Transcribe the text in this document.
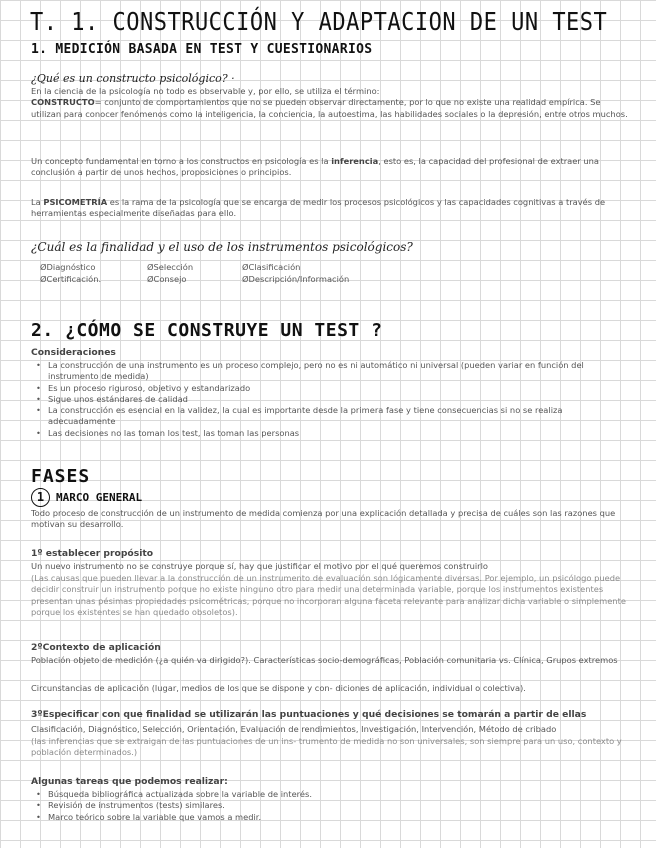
T. 1. CONSTRUCCIÓN Y ADAPTACION DE UN TEST
1. MEDICIÓN BASADA EN TEST Y CUESTIONARIOS
¿Qué es un constructo psicológico? ·
En la ciencia de la psicología no todo es observable y, por ello, se utiliza el término:
CONSTRUCTO= conjunto de comportamientos que no se pueden observar directamente, por lo que no existe una realidad empírica. Se utilizan para conocer fenómenos como la inteligencia, la conciencia, la autoestima, las habilidades sociales o la depresión, entre otros muchos.
Un concepto fundamental en torno a los constructos en psicología es la inferencia, esto es, la capacidad del profesional de extraer una conclusión a partir de unos hechos, proposiciones o principios.
La PSICOMETRÍA es la rama de la psicología que se encarga de medir los procesos psicológicos y las capacidades cognitivas a través de herramientas especialmente diseñadas para ello.
¿Cuál es la finalidad y el uso de los instrumentos psicológicos?
ØDiagnóstico	ØSelección	ØClasificación
ØCertificación.	ØConsejo	ØDescripción/Información
2. ¿CÓMO SE CONSTRUYE UN TEST ?
Consideraciones
• La construcción de una instrumento es un proceso complejo, pero no es ni automático ni universal (pueden variar en función del instrumento de medida)
• Es un proceso riguroso, objetivo y estandarizado
• Sigue unos estándares de calidad
• La construcción es esencial en la validez, la cual es importante desde la primera fase y tiene consecuencias si no se realiza adecuadamente
• Las decisiones no las toman los test, las toman las personas
FASES
1 MARCO GENERAL
Todo proceso de construcción de un instrumento de medida comienza por una explicación detallada y precisa de cuáles son las razones que motivan su desarrollo.
1º establecer propósito
Un nuevo instrumento no se construye porque sí, hay que justificar el motivo por el qué queremos construirlo
(Las causas que pueden llevar a la construcción de un instrumento de evaluación son lógicamente diversas. Por ejemplo, un psicólogo puede decidir construir un instrumento porque no existe ninguno otro para medir una determinada variable, porque los instrumentos existentes presentan unas pésimas propiedades psicométricas, porque no incorporan alguna faceta relevante para analizar dicha variable o simplemente porque los existentes se han quedado obsoletos).
2ºContexto de aplicación
Población objeto de medición (¿a quién va dirigido?). Características socio-demográficas, Población comunitaria vs. Clínica, Grupos extremos
Circunstancias de aplicación (lugar, medios de los que se dispone y con- diciones de aplicación, individual o colectiva).
3ºEspecificar con que finalidad se utilizarán las puntuaciones y qué decisiones se tomarán a partir de ellas
Clasificación, Diagnóstico, Selección, Orientación, Evaluación de rendimientos, Investigación, Intervención, Método de cribado
(las inferencias que se extraigan de las puntuaciones de un ins- trumento de medida no son universales, son siempre para un uso, contexto y población determinados.)
Algunas tareas que podemos realizar:
• Búsqueda bibliográfica actualizada sobre la variable de interés.
• Revisión de instrumentos (tests) similares.
• Marco teórico sobre la variable que vamos a medir.
